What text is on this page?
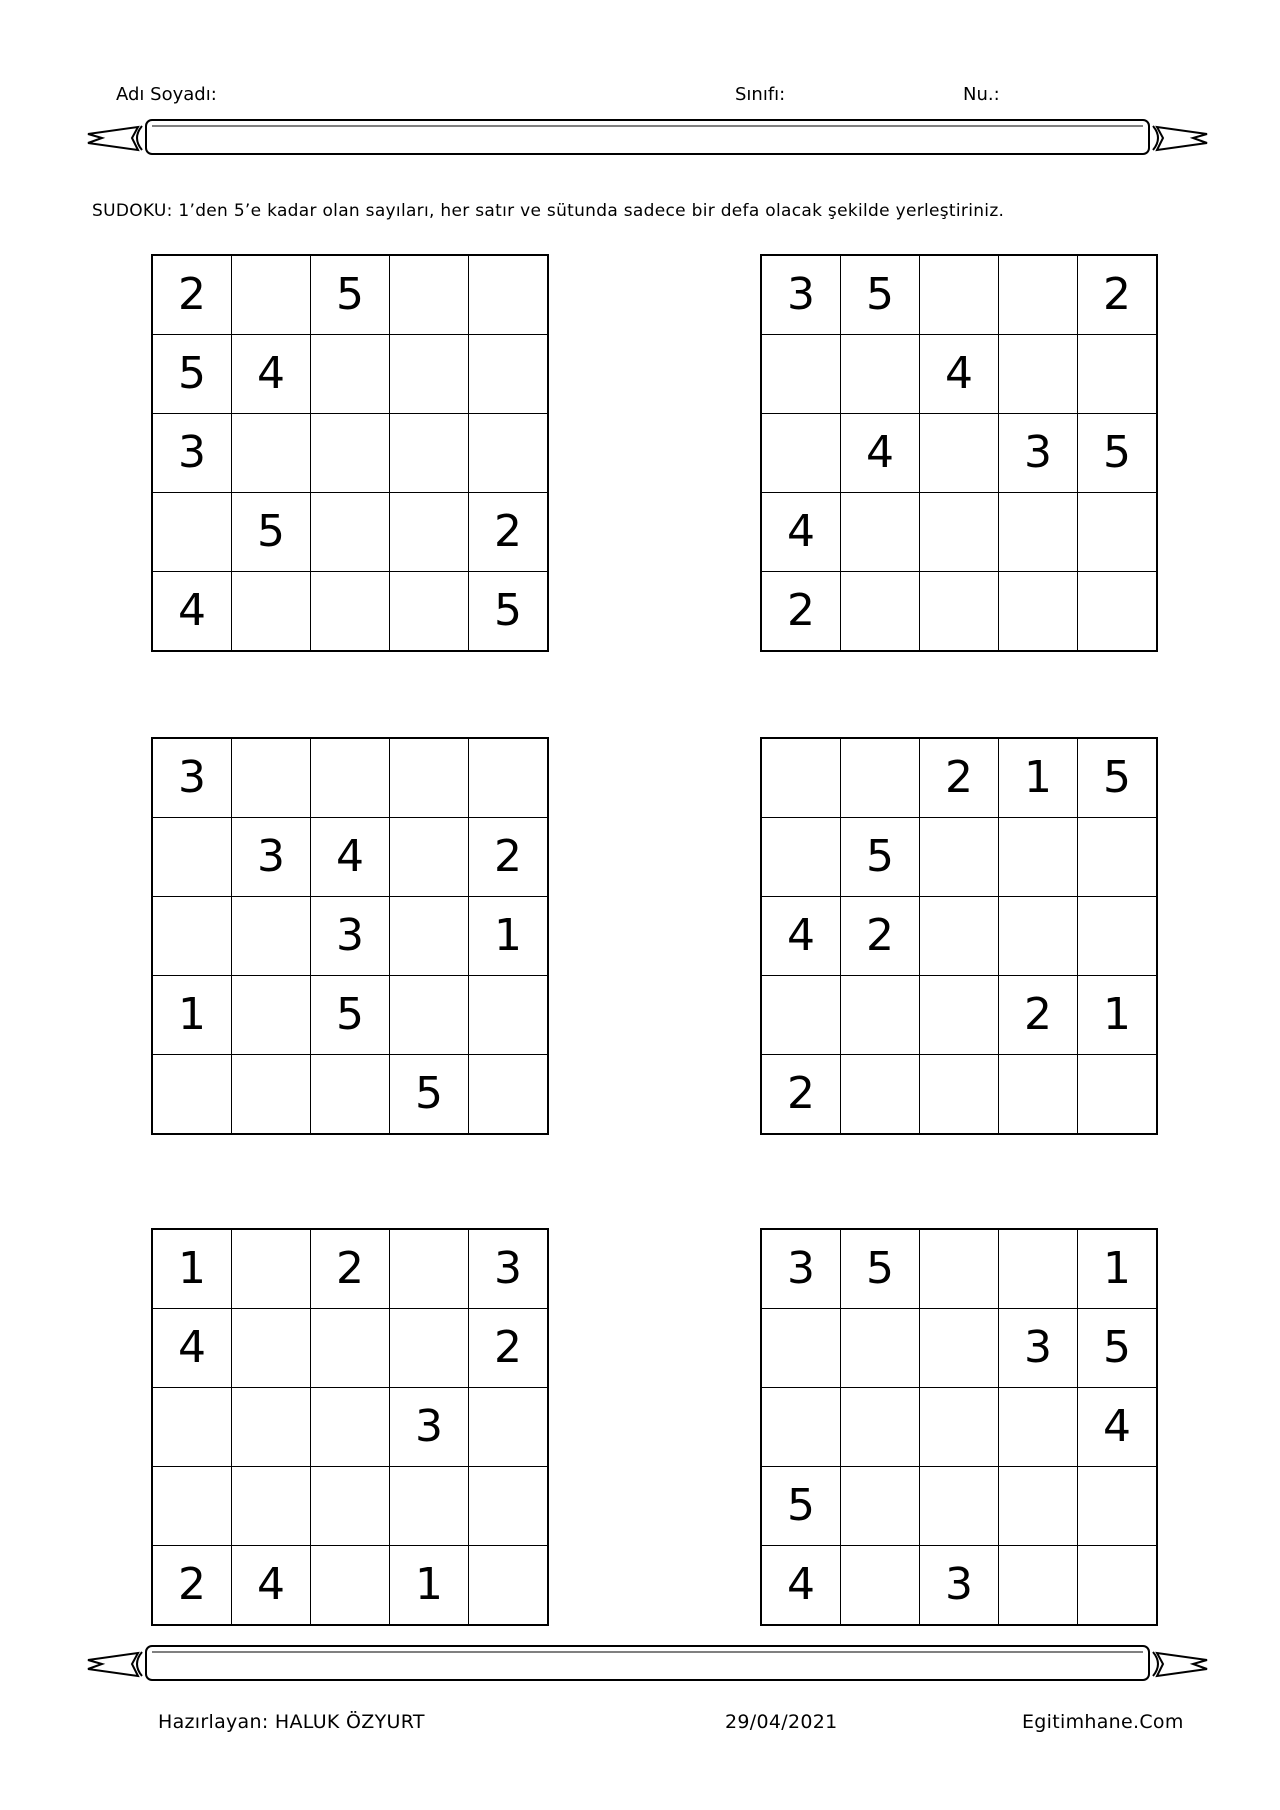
Adı Soyadı:	Sınıfı:	Nu.:
SUDOKU: 1’den 5’e kadar olan sayıları, her satır ve sütunda sadece bir defa olacak şekilde yerleştiriniz.
2		5		
5	4			
3				
	5			2
4				5
3	5			2
		4		
	4		3	5
4				
2				
3				
	3	4		2
		3		1
1		5		
			5	
		2	1	5
	5			
4	2			
			2	1
2				
1		2		3
4				2
			3	

2	4		1	
3	5			1
			3	5
				4
5				
4		3		
Hazırlayan: HALUK ÖZYURT	29/04/2021	Egitimhane.Com
